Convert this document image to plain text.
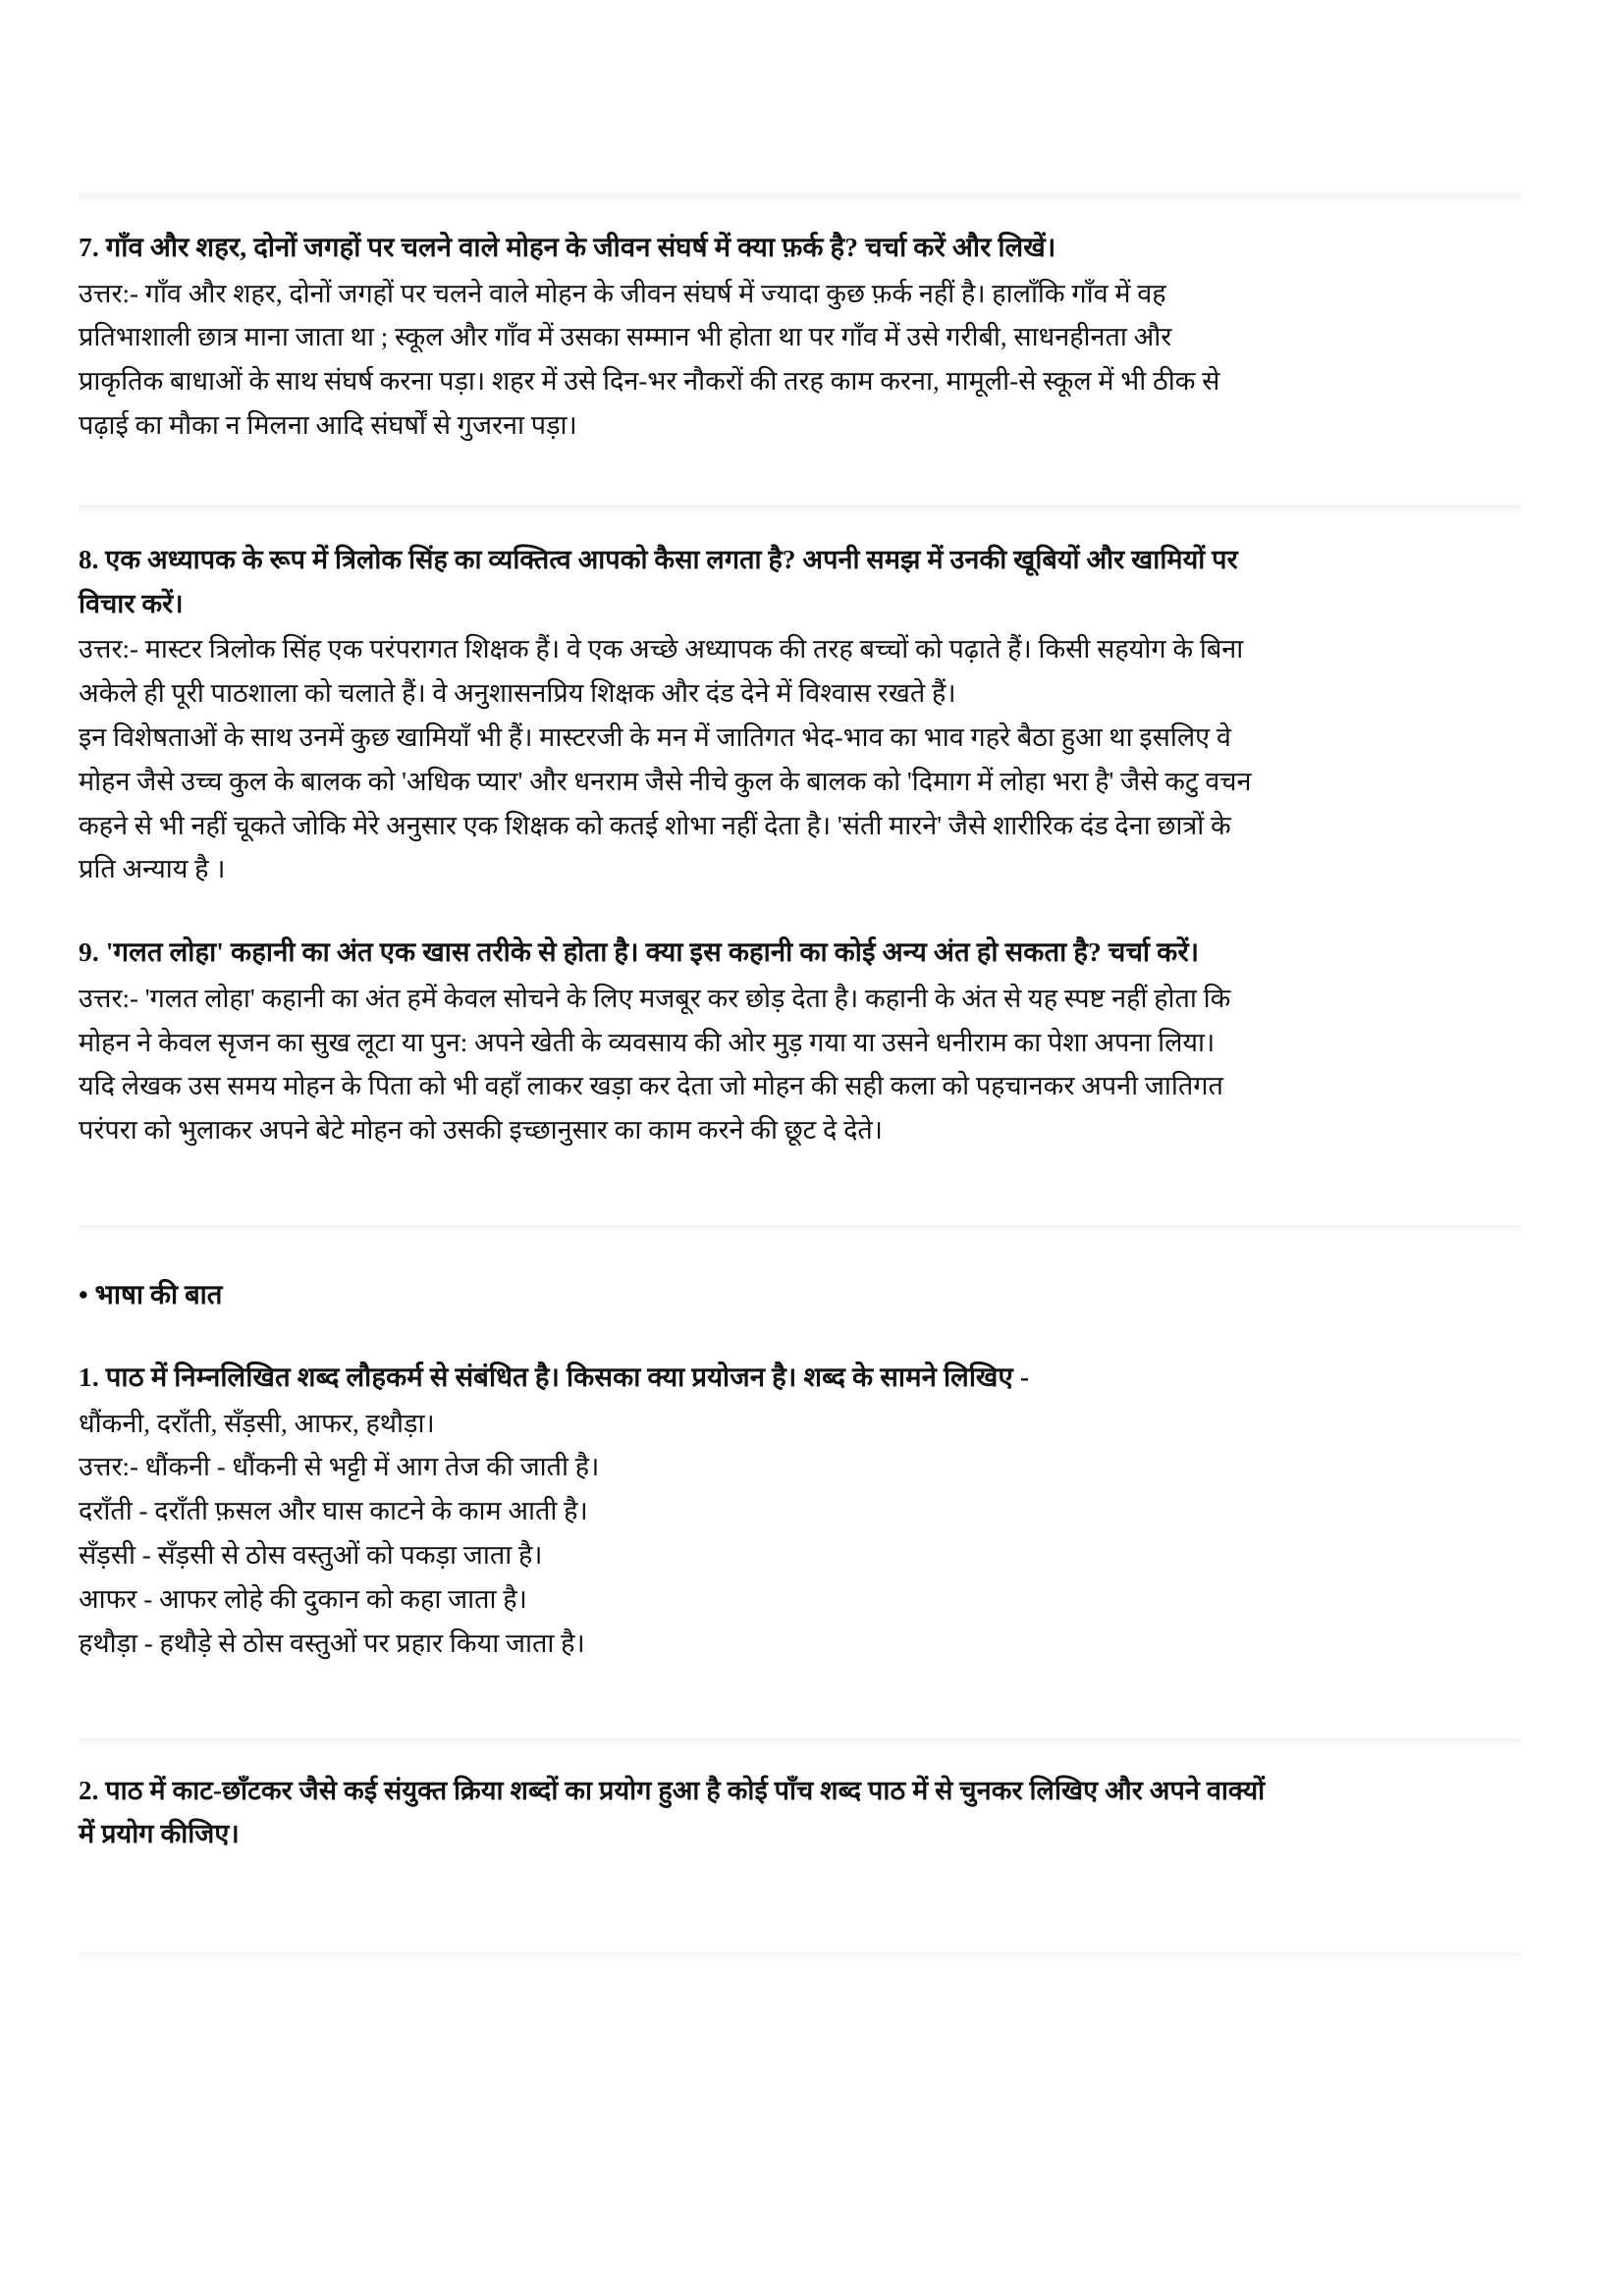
7. गाँव और शहर, दोनों जगहों पर चलने वाले मोहन के जीवन संघर्ष में क्या फ़र्क है? चर्चा करें और लिखें।
उत्तर:- गाँव और शहर, दोनों जगहों पर चलने वाले मोहन के जीवन संघर्ष में ज्यादा कुछ फ़र्क नहीं है। हालाँकि गाँव में वह
प्रतिभाशाली छात्र माना जाता था ; स्कूल और गाँव में उसका सम्मान भी होता था पर गाँव में उसे गरीबी, साधनहीनता और
प्राकृतिक बाधाओं के साथ संघर्ष करना पड़ा। शहर में उसे दिन-भर नौकरों की तरह काम करना, मामूली-से स्कूल में भी ठीक से
पढ़ाई का मौका न मिलना आदि संघर्षों से गुजरना पड़ा।
8. एक अध्यापक के रूप में त्रिलोक सिंह का व्यक्तित्व आपको कैसा लगता है? अपनी समझ में उनकी खूबियों और खामियों पर
विचार करें।
उत्तर:- मास्टर त्रिलोक सिंह एक परंपरागत शिक्षक हैं। वे एक अच्छे अध्यापक की तरह बच्चों को पढ़ाते हैं। किसी सहयोग के बिना
अकेले ही पूरी पाठशाला को चलाते हैं। वे अनुशासनप्रिय शिक्षक और दंड देने में विश्वास रखते हैं।
इन विशेषताओं के साथ उनमें कुछ खामियाँ भी हैं। मास्टरजी के मन में जातिगत भेद-भाव का भाव गहरे बैठा हुआ था इसलिए वे
मोहन जैसे उच्च कुल के बालक को 'अधिक प्यार' और धनराम जैसे नीचे कुल के बालक को 'दिमाग में लोहा भरा है' जैसे कटु वचन
कहने से भी नहीं चूकते जोकि मेरे अनुसार एक शिक्षक को कतई शोभा नहीं देता है। 'संती मारने' जैसे शारीरिक दंड देना छात्रों के
प्रति अन्याय है ।
9. 'गलत लोहा' कहानी का अंत एक खास तरीके से होता है। क्या इस कहानी का कोई अन्य अंत हो सकता है? चर्चा करें।
उत्तर:- 'गलत लोहा' कहानी का अंत हमें केवल सोचने के लिए मजबूर कर छोड़ देता है। कहानी के अंत से यह स्पष्ट नहीं होता कि
मोहन ने केवल सृजन का सुख लूटा या पुन: अपने खेती के व्यवसाय की ओर मुड़ गया या उसने धनीराम का पेशा अपना लिया।
यदि लेखक उस समय मोहन के पिता को भी वहाँ लाकर खड़ा कर देता जो मोहन की सही कला को पहचानकर अपनी जातिगत
परंपरा को भुलाकर अपने बेटे मोहन को उसकी इच्छानुसार का काम करने की छूट दे देते।
• भाषा की बात
1. पाठ में निम्नलिखित शब्द लौहकर्म से संबंधित है। किसका क्या प्रयोजन है। शब्द के सामने लिखिए -
धौंकनी, दराँती, सँड़सी, आफर, हथौड़ा।
उत्तर:- धौंकनी - धौंकनी से भट्टी में आग तेज की जाती है।
दराँती - दराँती फ़सल और घास काटने के काम आती है।
सँड़सी - सँड़सी से ठोस वस्तुओं को पकड़ा जाता है।
आफर - आफर लोहे की दुकान को कहा जाता है।
हथौड़ा - हथौड़े से ठोस वस्तुओं पर प्रहार किया जाता है।
2. पाठ में काट-छाँटकर जैसे कई संयुक्त क्रिया शब्दों का प्रयोग हुआ है कोई पाँच शब्द पाठ में से चुनकर लिखिए और अपने वाक्यों
में प्रयोग कीजिए।
